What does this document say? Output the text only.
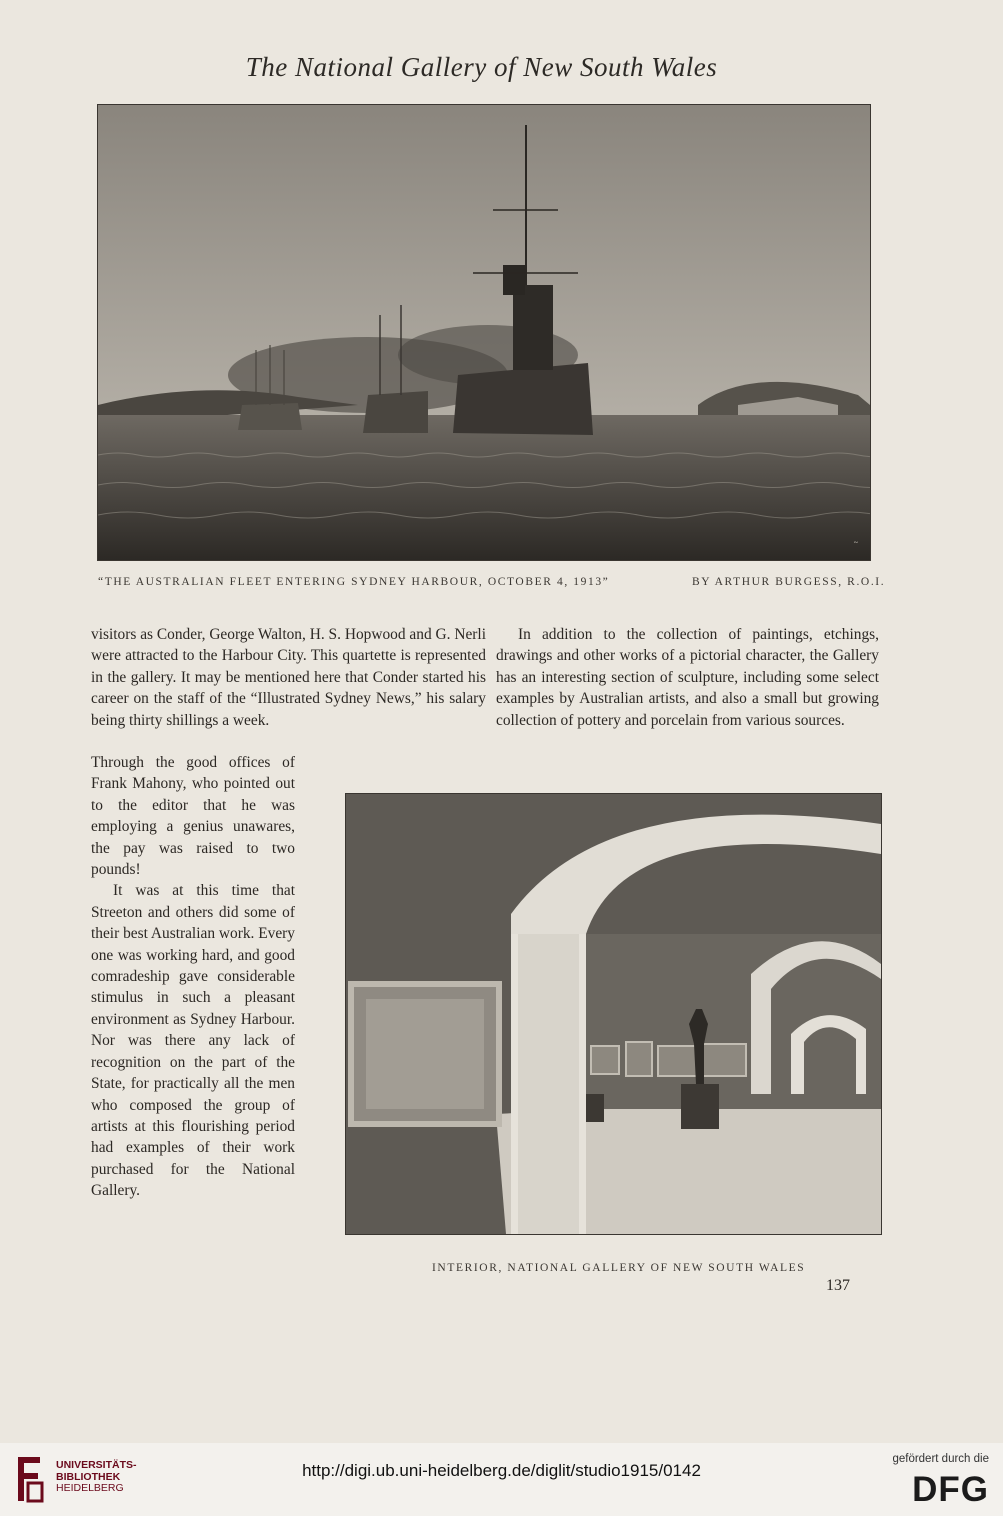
The National Gallery of New South Wales
~
“THE AUSTRALIAN FLEET ENTERING SYDNEY HARBOUR, OCTOBER 4, 1913”	BY ARTHUR BURGESS, R.O.I.

visitors as Conder, George Walton, H. S. Hopwood and G. Nerli were attracted to the Harbour City. This quartette is represented in the gallery. It may be mentioned here that Conder started his career on the staff of the “Illustrated Sydney News,” his salary being thirty shillings a week.

Through the good offices of Frank Mahony, who pointed out to the editor that he was employing a genius unawares, the pay was raised to two pounds!

It was at this time that Streeton and others did some of their best Australian work. Every one was working hard, and good comradeship gave considerable stimulus in such a pleasant environment as Sydney Harbour. Nor was there any lack of recognition on the part of the State, for practically all the men who composed the group of artists at this flourishing period had examples of their work purchased for the National Gallery.

In addition to the collection of paintings, etchings, drawings and other works of a pictorial character, the Gallery has an interesting section of sculpture, including some select examples by Australian artists, and also a small but growing collection of pottery and porcelain from various sources.

INTERIOR, NATIONAL GALLERY OF NEW SOUTH WALES
137
UNIVERSITÄTS-
BIBLIOTHEK
HEIDELBERG
http://digi.ub.uni-heidelberg.de/diglit/studio1915/0142
gefördert durch die
DFG
